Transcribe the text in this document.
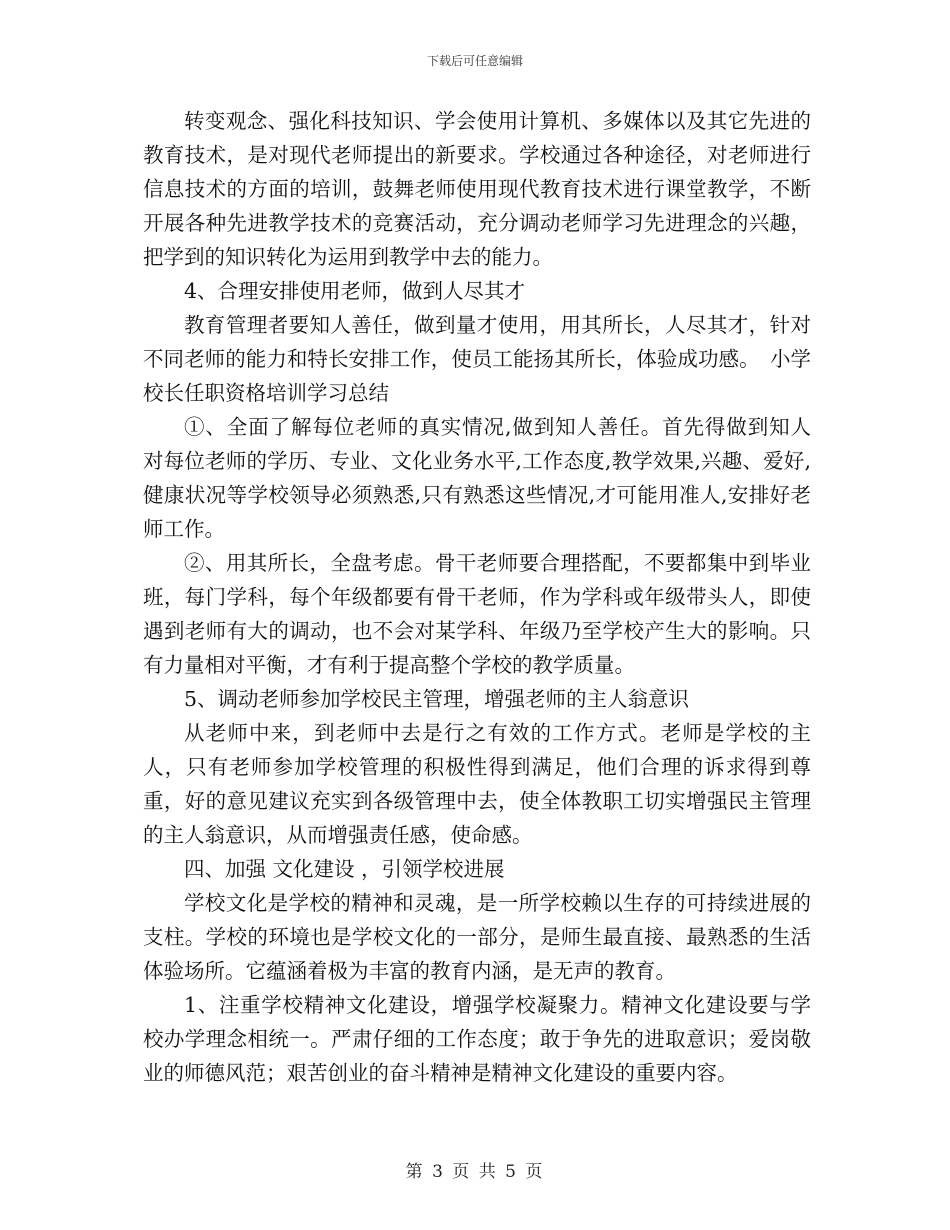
下载后可任意编辑

转变观念、强化科技知识、学会使用计算机、多媒体以及其它先进的教育技术，是对现代老师提出的新要求。学校通过各种途径，对老师进行信息技术的方面的培训，鼓舞老师使用现代教育技术进行课堂教学，不断开展各种先进教学技术的竞赛活动，充分调动老师学习先进理念的兴趣，把学到的知识转化为运用到教学中去的能力。

4、合理安排使用老师，做到人尽其才

教育管理者要知人善任，做到量才使用，用其所长，人尽其才，针对不同老师的能力和特长安排工作，使员工能扬其所长，体验成功感。　小学校长任职资格培训学习总结

①、全面了解每位老师的真实情况,做到知人善任。首先得做到知人 对每位老师的学历、专业、文化业务水平,工作态度,教学效果,兴趣、爱好,健康状况等学校领导必须熟悉,只有熟悉这些情况,才可能用准人,安排好老师工作。

②、用其所长，全盘考虑。骨干老师要合理搭配，不要都集中到毕业班，每门学科，每个年级都要有骨干老师，作为学科或年级带头人，即使遇到老师有大的调动，也不会对某学科、年级乃至学校产生大的影响。只有力量相对平衡，才有利于提高整个学校的教学质量。

5、调动老师参加学校民主管理，增强老师的主人翁意识

从老师中来，到老师中去是行之有效的工作方式。老师是学校的主人，只有老师参加学校管理的积极性得到满足，他们合理的诉求得到尊重，好的意见建议充实到各级管理中去，使全体教职工切实增强民主管理的主人翁意识，从而增强责任感，使命感。

四、加强 文化建设 ，引领学校进展

学校文化是学校的精神和灵魂，是一所学校赖以生存的可持续进展的支柱。学校的环境也是学校文化的一部分，是师生最直接、最熟悉的生活体验场所。它蕴涵着极为丰富的教育内涵，是无声的教育。

1、注重学校精神文化建设，增强学校凝聚力。精神文化建设要与学校办学理念相统一。严肃仔细的工作态度；敢于争先的进取意识；爱岗敬业的师德风范；艰苦创业的奋斗精神是精神文化建设的重要内容。

第 3 页 共 5 页
